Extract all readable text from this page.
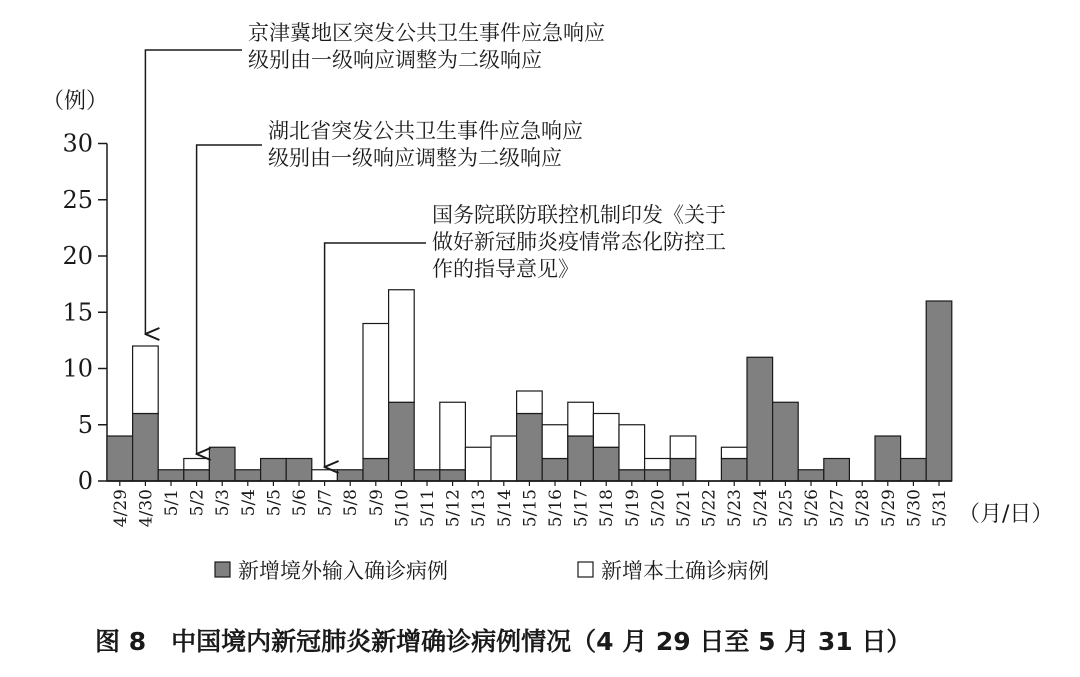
（例）
0
5
10
15
20
25
30
4/29 4/30 5/1 5/2 5/3 5/4 5/5 5/6 5/7 5/8 5/9 5/10 5/11 5/12 5/13 5/14 5/15 5/16 5/17 5/18 5/19 5/20 5/21 5/22 5/23 5/24 5/25 5/26 5/27 5/28 5/29 5/30 5/31
京津冀地区突发公共卫生事件应急响应
级别由一级响应调整为二级响应
湖北省突发公共卫生事件应急响应
级别由一级响应调整为二级响应
国务院联防联控机制印发《关于
做好新冠肺炎疫情常态化防控工
作的指导意见》
（月/日）
新增境外输入确诊病例	新增本土确诊病例
图 8　中国境内新冠肺炎新增确诊病例情况（4 月 29 日至 5 月 31 日）
